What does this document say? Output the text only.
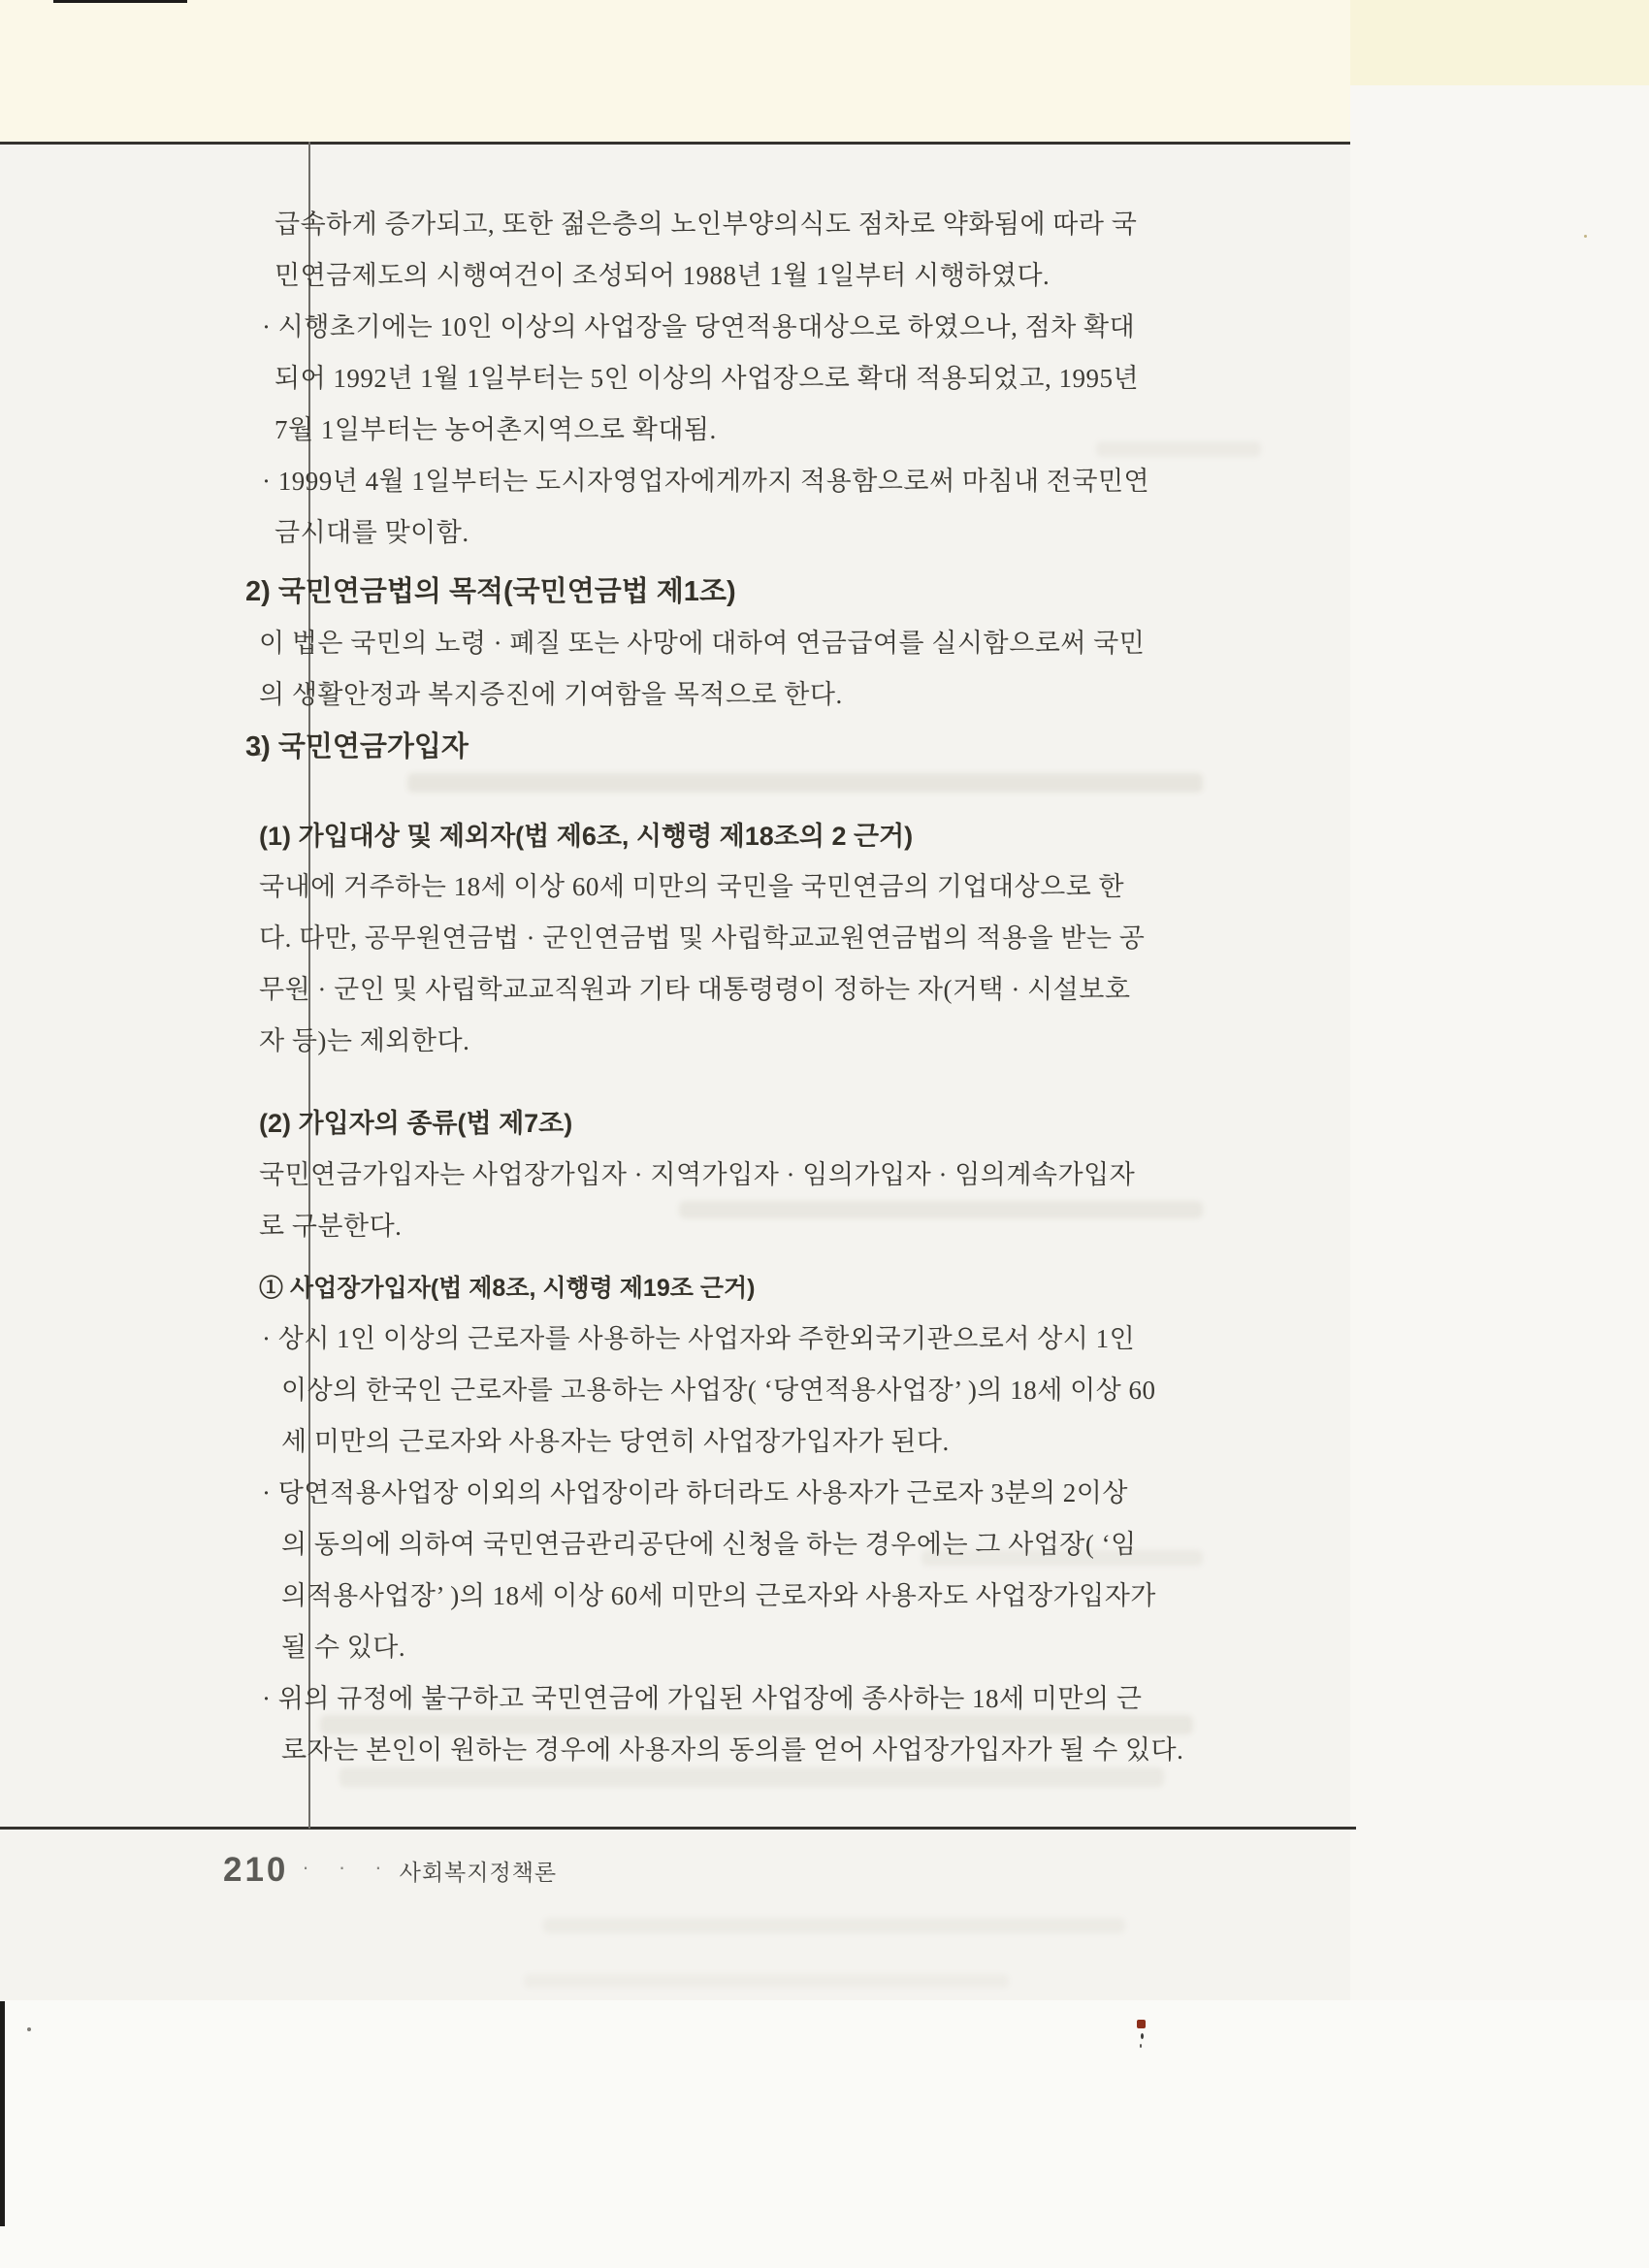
급속하게 증가되고, 또한 젊은층의 노인부양의식도 점차로 약화됨에 따라 국
민연금제도의 시행여건이 조성되어 1988년 1월 1일부터 시행하였다.
· 시행초기에는 10인 이상의 사업장을 당연적용대상으로 하였으나, 점차 확대
되어 1992년 1월 1일부터는 5인 이상의 사업장으로 확대 적용되었고, 1995년
7월 1일부터는 농어촌지역으로 확대됨.
· 1999년 4월 1일부터는 도시자영업자에게까지 적용함으로써 마침내 전국민연
금시대를 맞이함.
2) 국민연금법의 목적(국민연금법 제1조)
이 법은 국민의 노령 · 폐질 또는 사망에 대하여 연금급여를 실시함으로써 국민
의 생활안정과 복지증진에 기여함을 목적으로 한다.
3) 국민연금가입자
(1) 가입대상 및 제외자(법 제6조, 시행령 제18조의 2 근거)
국내에 거주하는 18세 이상 60세 미만의 국민을 국민연금의 기업대상으로 한
다. 다만, 공무원연금법 · 군인연금법 및 사립학교교원연금법의 적용을 받는 공
무원 · 군인 및 사립학교교직원과 기타 대통령령이 정하는 자(거택 · 시설보호
자 등)는 제외한다.
(2) 가입자의 종류(법 제7조)
국민연금가입자는 사업장가입자 · 지역가입자 · 임의가입자 · 임의계속가입자
로 구분한다.
① 사업장가입자(법 제8조, 시행령 제19조 근거)
· 상시 1인 이상의 근로자를 사용하는 사업자와 주한외국기관으로서 상시 1인
이상의 한국인 근로자를 고용하는 사업장( ‘당연적용사업장’ )의 18세 이상 60
세 미만의 근로자와 사용자는 당연히 사업장가입자가 된다.
· 당연적용사업장 이외의 사업장이라 하더라도 사용자가 근로자 3분의 2이상
의 동의에 의하여 국민연금관리공단에 신청을 하는 경우에는 그 사업장( ‘임
의적용사업장’ )의 18세 이상 60세 미만의 근로자와 사용자도 사업장가입자가
될 수 있다.
· 위의 규정에 불구하고 국민연금에 가입된 사업장에 종사하는 18세 미만의 근
로자는 본인이 원하는 경우에 사용자의 동의를 얻어 사업장가입자가 될 수 있다.
210 · · · 사회복지정책론
